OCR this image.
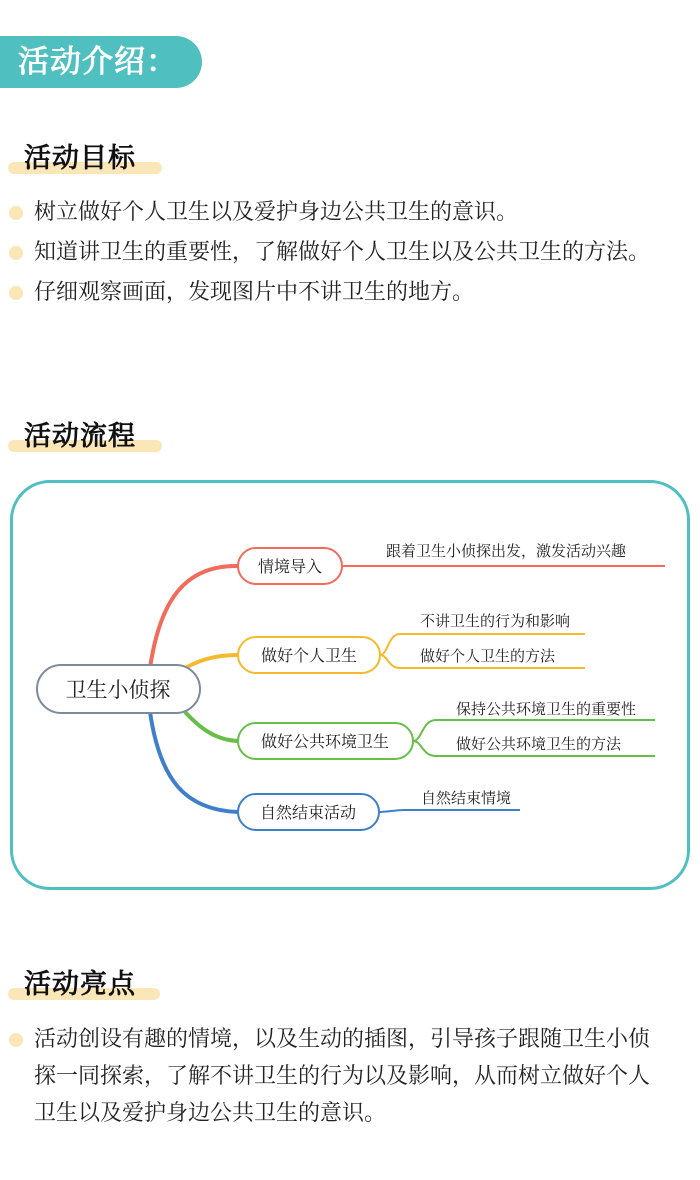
活动介绍：
活动目标
树立做好个人卫生以及爱护身边公共卫生的意识。
知道讲卫生的重要性，了解做好个人卫生以及公共卫生的方法。
仔细观察画面，发现图片中不讲卫生的地方。
活动流程
卫生小侦探
情境导入
做好个人卫生
做好公共环境卫生
自然结束活动
跟着卫生小侦探出发，激发活动兴趣
不讲卫生的行为和影响
做好个人卫生的方法
保持公共环境卫生的重要性
做好公共环境卫生的方法
自然结束情境
活动亮点
活动创设有趣的情境，以及生动的插图，引导孩子跟随卫生小侦探一同探索，了解不讲卫生的行为以及影响，从而树立做好个人卫生以及爱护身边公共卫生的意识。
